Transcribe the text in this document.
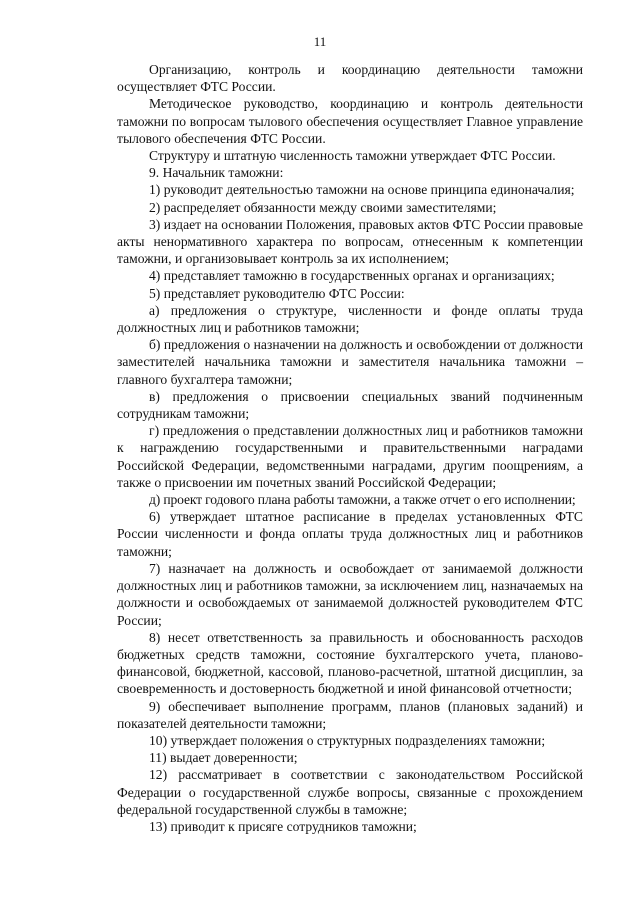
11

Организацию, контроль и координацию деятельности таможни осуществляет ФТС России.

Методическое руководство, координацию и контроль деятельности таможни по вопросам тылового обеспечения осуществляет Главное управление тылового обеспечения ФТС России.

Структуру и штатную численность таможни утверждает ФТС России.

9. Начальник таможни:

1) руководит деятельностью таможни на основе принципа единоначалия;

2) распределяет обязанности между своими заместителями;

3) издает на основании Положения, правовых актов ФТС России правовые акты ненормативного характера по вопросам, отнесенным к компетенции таможни, и организовывает контроль за их исполнением;

4) представляет таможню в государственных органах и организациях;

5) представляет руководителю ФТС России:

а) предложения о структуре, численности и фонде оплаты труда должностных лиц и работников таможни;

б) предложения о назначении на должность и освобождении от должности заместителей начальника таможни и заместителя начальника таможни – главного бухгалтера таможни;

в) предложения о присвоении специальных званий подчиненным сотрудникам таможни;

г) предложения о представлении должностных лиц и работников таможни к награждению государственными и правительственными наградами Российской Федерации, ведомственными наградами, другим поощрениям, а также о присвоении им почетных званий Российской Федерации;

д) проект годового плана работы таможни, а также отчет о его исполнении;

6) утверждает штатное расписание в пределах установленных ФТС России численности и фонда оплаты труда должностных лиц и работников таможни;

7) назначает на должность и освобождает от занимаемой должности должностных лиц и работников таможни, за исключением лиц, назначаемых на должности и освобождаемых от занимаемой должностей руководителем ФТС России;

8) несет ответственность за правильность и обоснованность расходов бюджетных средств таможни, состояние бухгалтерского учета, планово-финансовой, бюджетной, кассовой, планово-расчетной, штатной дисциплин, за своевременность и достоверность бюджетной и иной финансовой отчетности;

9) обеспечивает выполнение программ, планов (плановых заданий) и показателей деятельности таможни;

10) утверждает положения о структурных подразделениях таможни;

11) выдает доверенности;

12) рассматривает в соответствии с законодательством Российской Федерации о государственной службе вопросы, связанные с прохождением федеральной государственной службы в таможне;

13) приводит к присяге сотрудников таможни;
